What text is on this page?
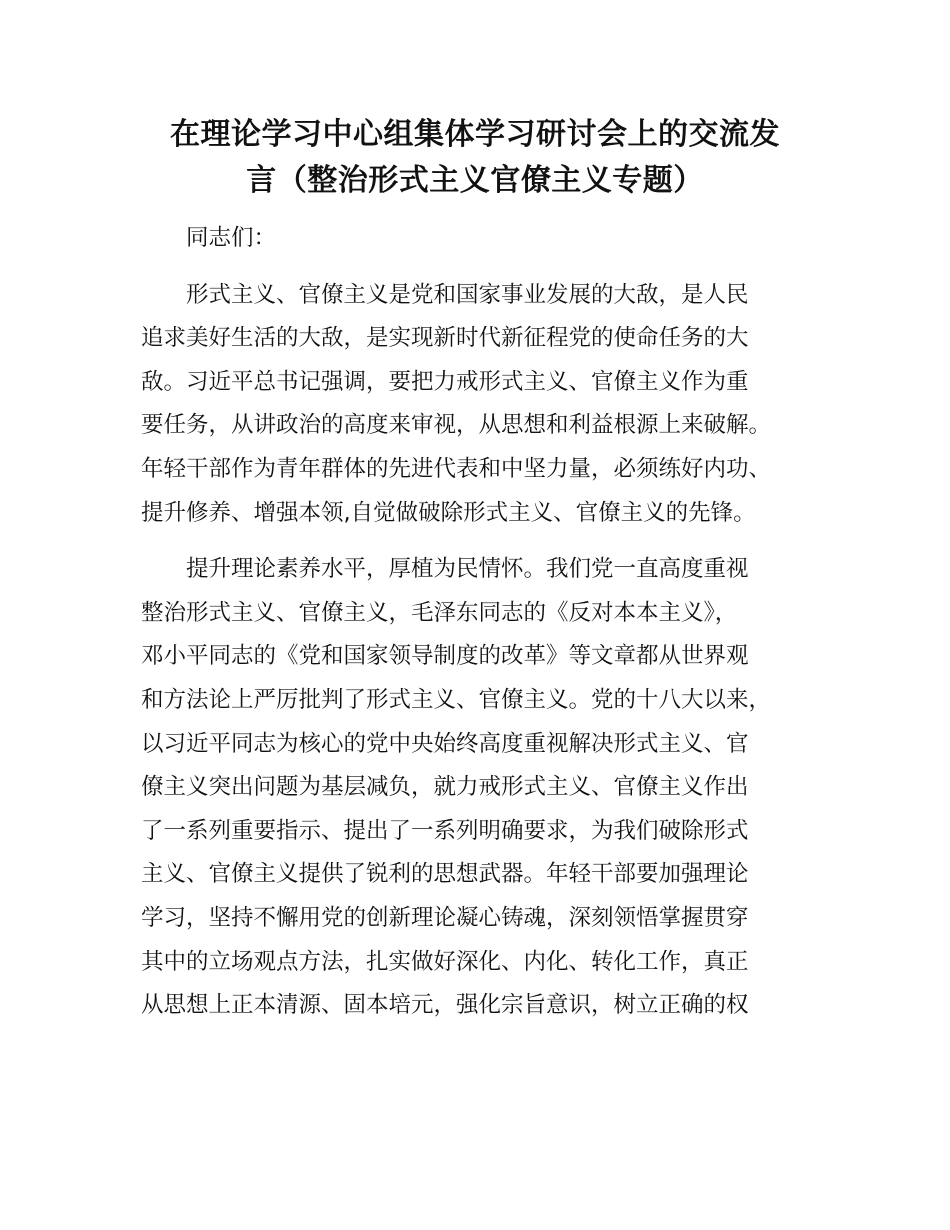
在理论学习中心组集体学习研讨会上的交流发
言（整治形式主义官僚主义专题）

同志们：

形式主义、官僚主义是党和国家事业发展的大敌，是人民
追求美好生活的大敌，是实现新时代新征程党的使命任务的大
敌。习近平总书记强调，要把力戒形式主义、官僚主义作为重
要任务，从讲政治的高度来审视，从思想和利益根源上来破解。
年轻干部作为青年群体的先进代表和中坚力量，必须练好内功、
提升修养、增强本领,自觉做破除形式主义、官僚主义的先锋。

提升理论素养水平，厚植为民情怀。我们党一直高度重视
整治形式主义、官僚主义，毛泽东同志的《反对本本主义》，
邓小平同志的《党和国家领导制度的改革》等文章都从世界观
和方法论上严厉批判了形式主义、官僚主义。党的十八大以来，
以习近平同志为核心的党中央始终高度重视解决形式主义、官
僚主义突出问题为基层减负，就力戒形式主义、官僚主义作出
了一系列重要指示、提出了一系列明确要求，为我们破除形式
主义、官僚主义提供了锐利的思想武器。年轻干部要加强理论
学习，坚持不懈用党的创新理论凝心铸魂，深刻领悟掌握贯穿
其中的立场观点方法，扎实做好深化、内化、转化工作，真正
从思想上正本清源、固本培元，强化宗旨意识，树立正确的权
